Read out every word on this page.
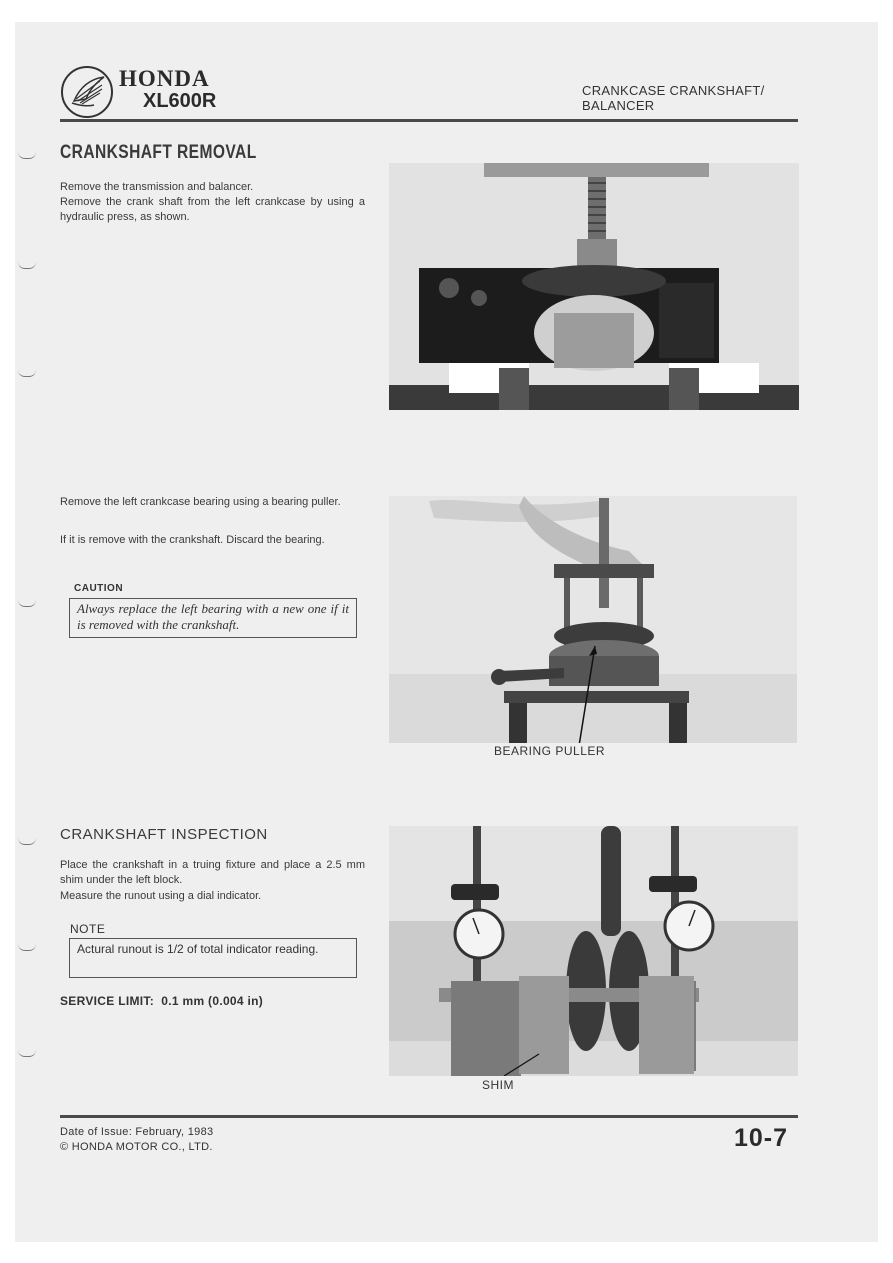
HONDA
XL600R	CRANKCASE CRANKSHAFT/
BALANCER
CRANKSHAFT REMOVAL
Remove the transmission and balancer.
Remove the crank shaft from the left crankcase by using a hydraulic press, as shown.
Remove the left crankcase bearing using a bearing puller.
If it is remove with the crankshaft. Discard the bearing.
CAUTION
Always replace the left bearing with a new one if it is removed with the crankshaft.
BEARING PULLER
CRANKSHAFT INSPECTION
Place the crankshaft in a truing fixture and place a 2.5 mm shim under the left block.
Measure the runout using a dial indicator.
NOTE
Actural runout is 1/2 of total indicator reading.
SERVICE LIMIT:  0.1 mm (0.004 in)
SHIM
Date of Issue: February, 1983
© HONDA MOTOR CO., LTD.	10-7
